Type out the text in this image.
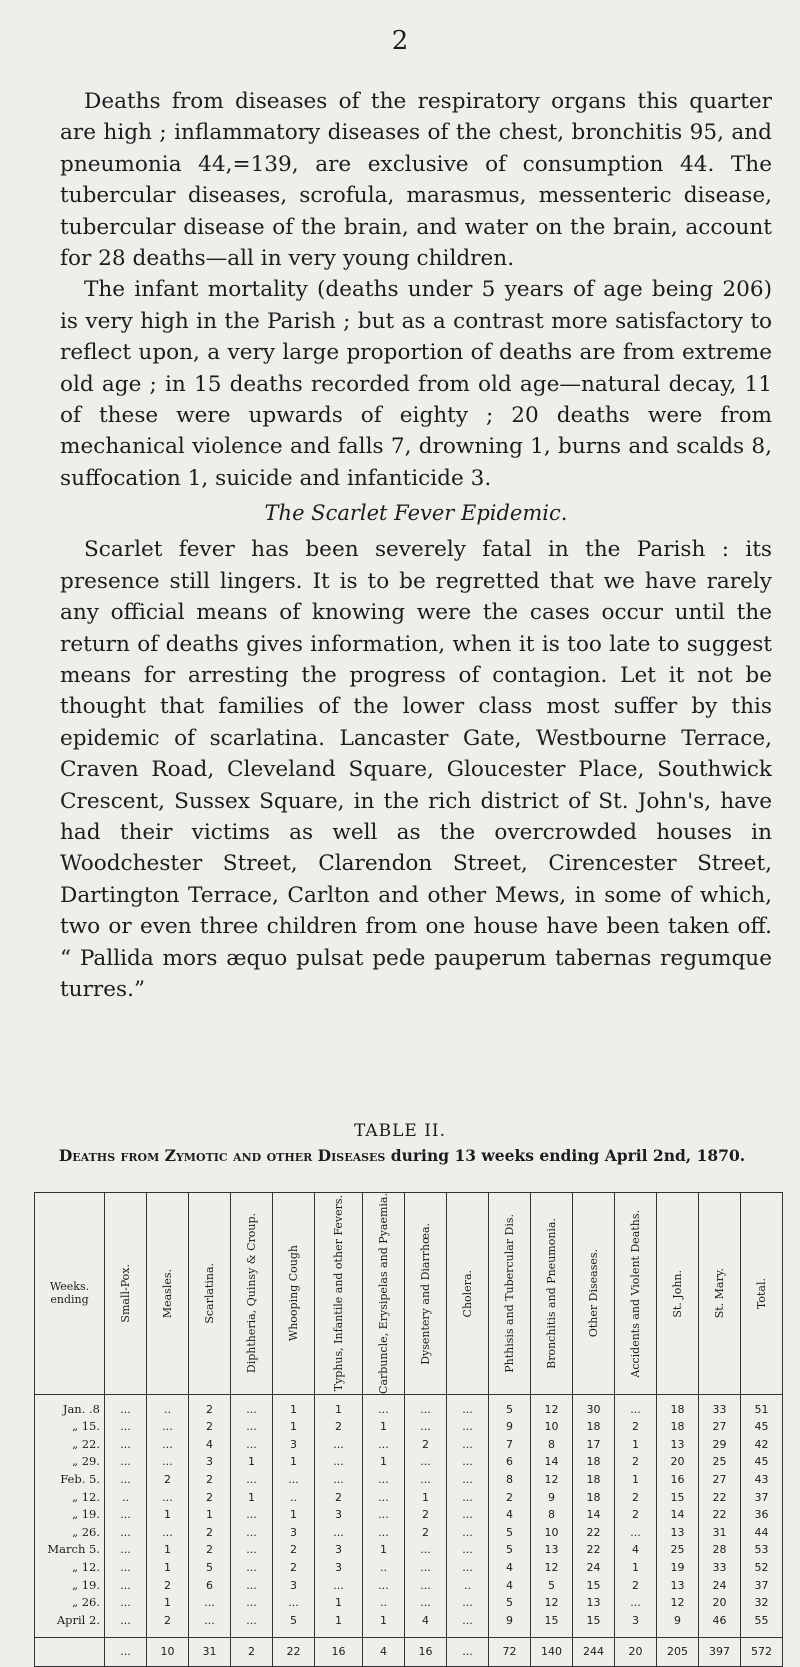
2

Deaths from diseases of the respiratory organs this quarter are high ; inflammatory diseases of the chest, bronchitis 95, and pneumonia 44,=139, are exclusive of consumption 44. The tubercular diseases, scrofula, marasmus, messenteric disease, tubercular disease of the brain, and water on the brain, account for 28 deaths—all in very young children.

The infant mortality (deaths under 5 years of age being 206) is very high in the Parish ; but as a contrast more satisfactory to reflect upon, a very large proportion of deaths are from extreme old age ; in 15 deaths recorded from old age—natural decay, 11 of these were upwards of eighty ; 20 deaths were from mechanical violence and falls 7, drowning 1, burns and scalds 8, suffocation 1, suicide and infanticide 3.

The Scarlet Fever Epidemic.

Scarlet fever has been severely fatal in the Parish : its presence still lingers. It is to be regretted that we have rarely any official means of knowing were the cases occur until the return of deaths gives information, when it is too late to suggest means for arresting the progress of contagion. Let it not be thought that families of the lower class most suffer by this epidemic of scarlatina. Lancaster Gate, Westbourne Terrace, Craven Road, Cleveland Square, Gloucester Place, Southwick Crescent, Sussex Square, in the rich district of St. John's, have had their victims as well as the overcrowded houses in Woodchester Street, Clarendon Street, Cirencester Street, Dartington Terrace, Carlton and other Mews, in some of which, two or even three children from one house have been taken off. “ Pallida mors æquo pulsat pede pauperum tabernas regumque turres.”

TABLE II.
Deaths from Zymotic and other Diseases during 13 weeks ending April 2nd, 1870.
Weeks. ending	Small-Pox.	Measles.	Scarlatina.	Diphtheria, Quinsy & Croup.	Whooping Cough	Typhus, Infantile and other Fevers.	Carbuncle, Erysipelas and Pyaemia.	Dysentery and Diarrhœa.	Cholera.	Phthisis and Tubercular Dis.	Bronchitis and Pneumonia.	Other Diseases.	Accidents and Violent Deaths.	St. John.	St. Mary.	Total.

Jan. .8	...	..	2	...	1	1	...	...	...	5	12	30	...	18	33	51
„ 15.	...	...	2	...	1	2	1	...	...	9	10	18	2	18	27	45
„ 22.	...	...	4	...	3	...	...	2	...	7	8	17	1	13	29	42
„ 29.	...	...	3	1	1	...	1	...	...	6	14	18	2	20	25	45
Feb. 5.	...	2	2	...	...	...	...	...	...	8	12	18	1	16	27	43
„ 12.	..	...	2	1	..	2	...	1	...	2	9	18	2	15	22	37
„ 19.	...	1	1	...	1	3	...	2	...	4	8	14	2	14	22	36
„ 26.	...	...	2	...	3	...	...	2	...	5	10	22	...	13	31	44
March 5.	...	1	2	...	2	3	1	...	...	5	13	22	4	25	28	53
„ 12.	...	1	5	...	2	3	..	...	...	4	12	24	1	19	33	52
„ 19.	...	2	6	...	3	...	...	...	..	4	5	15	2	13	24	37
„ 26.	...	1	...	...	...	1	..	...	...	5	12	13	...	12	20	32
April 2.	...	2	...	...	5	1	1	4	...	9	15	15	3	9	46	55

	...	10	31	2	22	16	4	16	...	72	140	244	20	205	397	572
